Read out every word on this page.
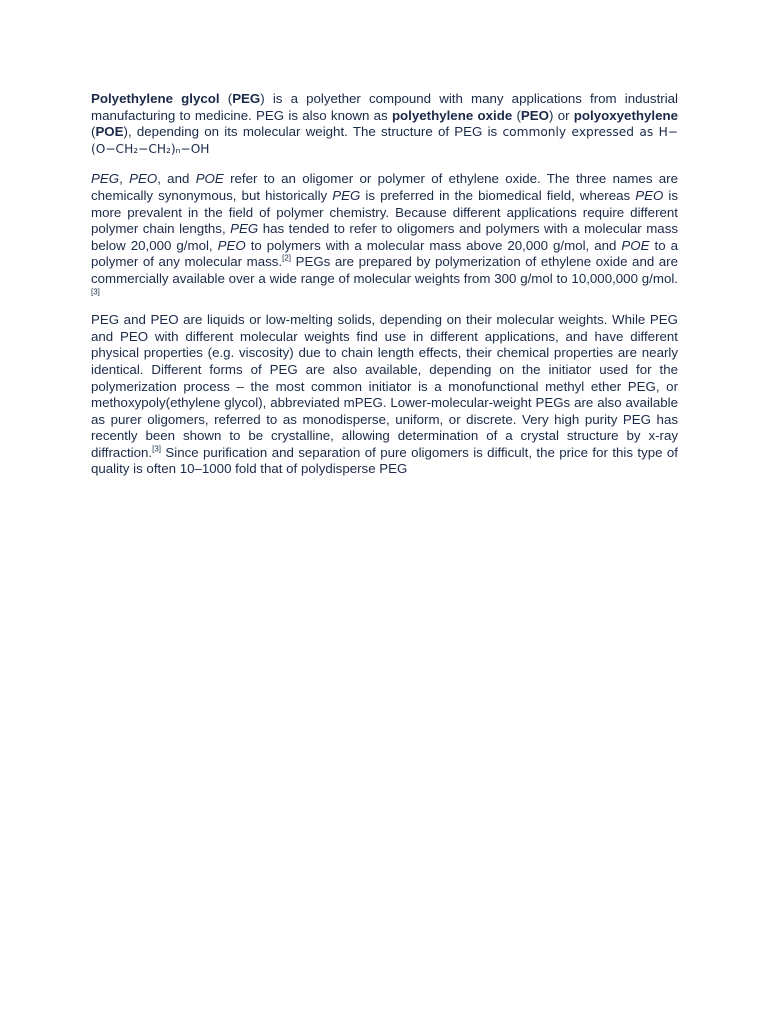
Polyethylene glycol (PEG) is a polyether compound with many applications from industrial manufacturing to medicine. PEG is also known as polyethylene oxide (PEO) or polyoxyethylene (POE), depending on its molecular weight. The structure of PEG is commonly expressed as H−(O−CH₂−CH₂)ₙ−OH

PEG, PEO, and POE refer to an oligomer or polymer of ethylene oxide. The three names are chemically synonymous, but historically PEG is preferred in the biomedical field, whereas PEO is more prevalent in the field of polymer chemistry. Because different applications require different polymer chain lengths, PEG has tended to refer to oligomers and polymers with a molecular mass below 20,000 g/mol, PEO to polymers with a molecular mass above 20,000 g/mol, and POE to a polymer of any molecular mass.[2] PEGs are prepared by polymerization of ethylene oxide and are commercially available over a wide range of molecular weights from 300 g/mol to 10,000,000 g/mol.[3]

PEG and PEO are liquids or low-melting solids, depending on their molecular weights. While PEG and PEO with different molecular weights find use in different applications, and have different physical properties (e.g. viscosity) due to chain length effects, their chemical properties are nearly identical. Different forms of PEG are also available, depending on the initiator used for the polymerization process – the most common initiator is a monofunctional methyl ether PEG, or methoxypoly(ethylene glycol), abbreviated mPEG. Lower-molecular-weight PEGs are also available as purer oligomers, referred to as monodisperse, uniform, or discrete. Very high purity PEG has recently been shown to be crystalline, allowing determination of a crystal structure by x-ray diffraction.[3] Since purification and separation of pure oligomers is difficult, the price for this type of quality is often 10–1000 fold that of polydisperse PEG
